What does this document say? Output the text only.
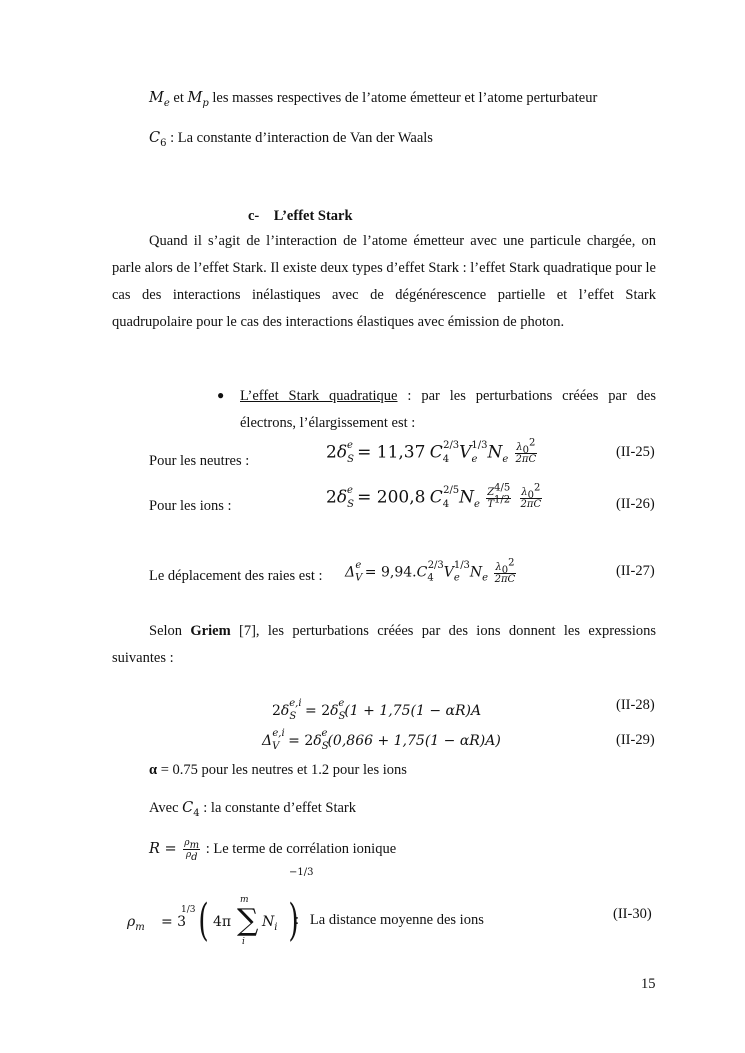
$M_e$ et $M_p$ les masses respectives de l’atome émetteur et l’atome perturbateur
$C_6$ : La constante d’interaction de Van der Waals
c-    L’effet Stark
Quand il s’agit de l’interaction de l’atome émetteur avec une particule chargée, on parle alors de l’effet Stark. Il existe deux types d’effet Stark : l’effet Stark quadratique pour le cas des interactions inélastiques avec de dégénérescence partielle et l’effet Stark quadrupolaire pour le cas des interactions élastiques avec émission de photon.
● L’effet Stark quadratique : par les perturbations créées par des électrons, l’élargissement est :
Pour les neutres :	$2\delta_S^e = 11,37$ $C_4^{2/3}V_e^{1/3}N_e \frac{\lambda_0^2}{2\pi C}$	(II-25)
Pour les ions :	$2\delta_S^e = 200,8$ $C_4^{2/5}N_e \frac{Z^{4/5}}{T^{1/2}}$
$\frac{\lambda_0^2}{2\pi C}$	(II-26)
Le déplacement des raies est : $\Delta_V^e = 9,94.C_4^{2/3}V_e^{1/3}N_e \frac{\lambda_0^2}{2\pi C}$	(II-27)
Selon Griem [7], les perturbations créées par des ions donnent les expressions suivantes :
$2\delta_S^{e,i} = 2\delta_S^e(1 + 1,75(1 - \alpha R)A$	(II-28)
$\Delta_V^{e,i} = 2\delta_S^e(0,866 + 1,75(1 - \alpha R)A)$	(II-29)
α = 0.75 pour les neutres et 1.2 pour les ions
Avec $C_4$ : la constante d’effet Stark
$R = \frac{\rho_m}{\rho_d}$ : Le terme de corrélation ionique
$\rho_m = 3$
1/3 ( 4π ∑
m
i
$N_i$ )
−1/3
:   La distance moyenne des ions	(II-30)
15
